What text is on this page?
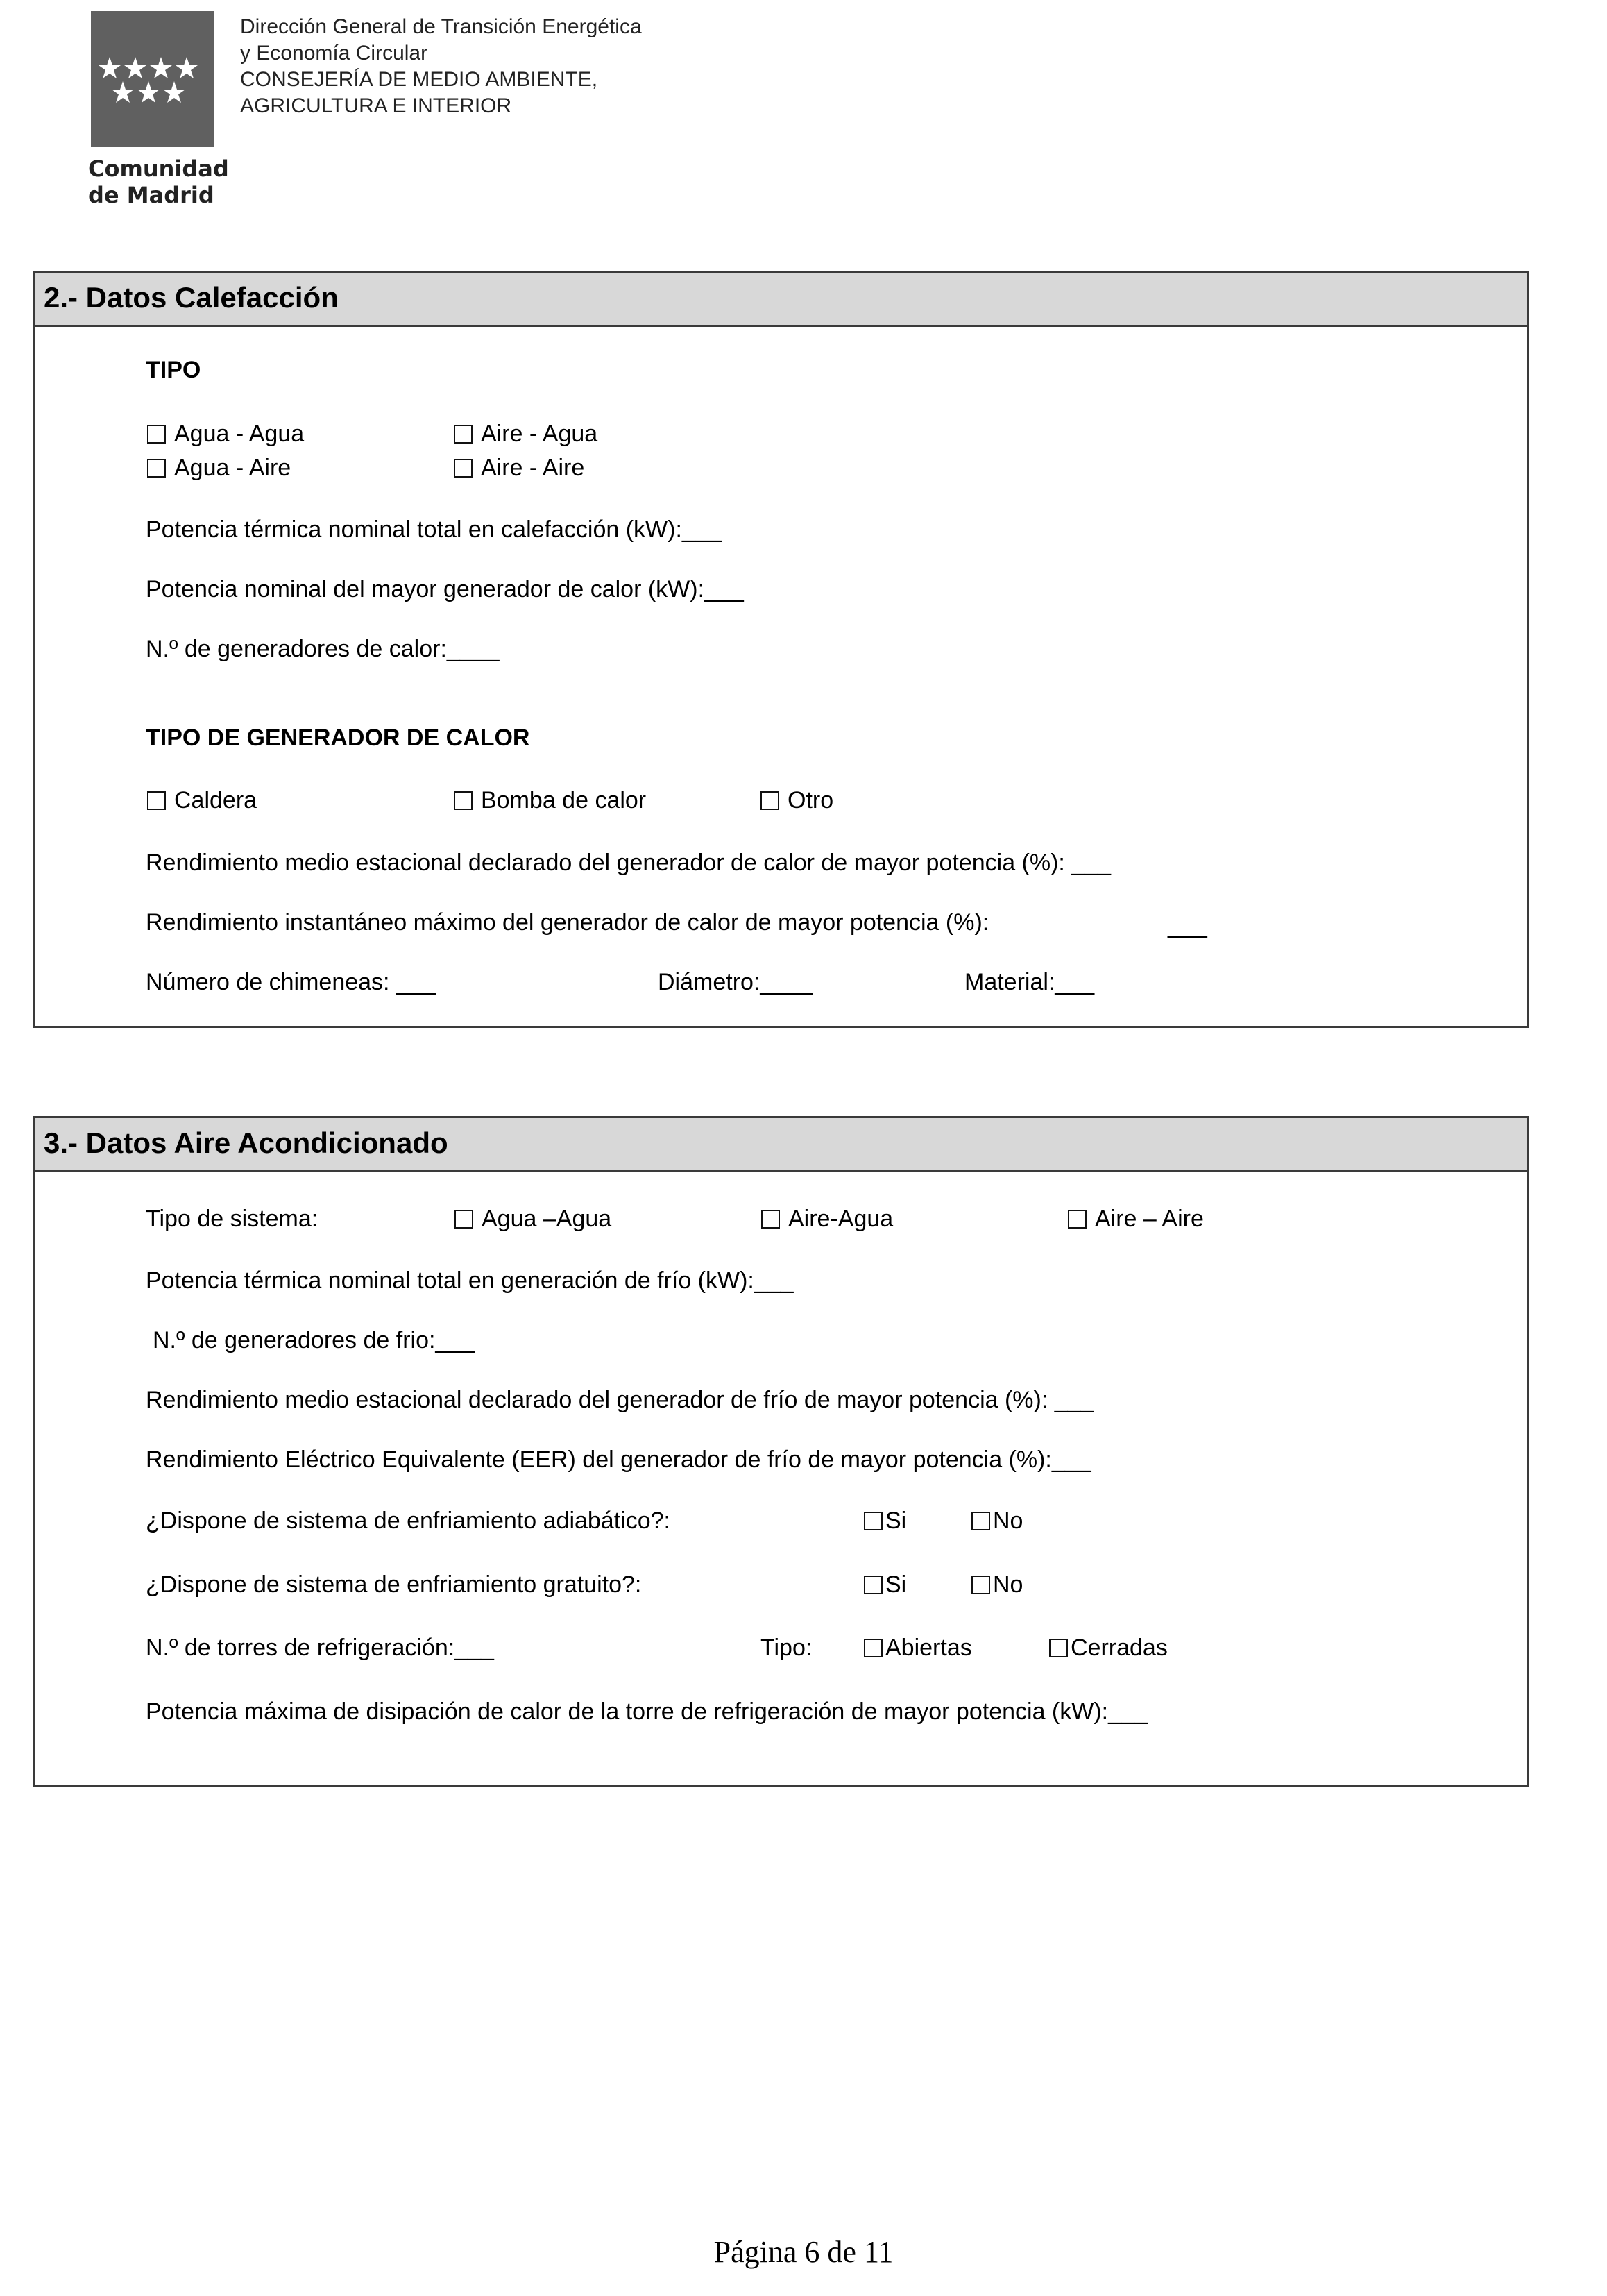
Comunidad
de Madrid
Dirección General de Transición Energética
y Economía Circular
CONSEJERÍA DE MEDIO AMBIENTE,
AGRICULTURA E INTERIOR
2.- Datos Calefacción
TIPO
Agua - Agua	Aire - Agua
Agua - Aire	Aire - Aire
Potencia térmica nominal total en calefacción (kW):___
Potencia nominal del mayor generador de calor (kW):___
N.º de generadores de calor:____
TIPO DE GENERADOR DE CALOR
Caldera	Bomba de calor	Otro
Rendimiento medio estacional declarado del generador de calor de mayor potencia (%): ___
Rendimiento instantáneo máximo del generador de calor de mayor potencia (%):	___
Número de chimeneas: ___	Diámetro:____	Material:___
3.- Datos Aire Acondicionado
Tipo de sistema:	Agua –Agua	Aire-Agua	Aire – Aire
Potencia térmica nominal total en generación de frío (kW):___
N.º de generadores de frio:___
Rendimiento medio estacional declarado del generador de frío de mayor potencia (%): ___
Rendimiento Eléctrico Equivalente (EER) del generador de frío de mayor potencia (%):___
¿Dispone de sistema de enfriamiento adiabático?:	Si	No
¿Dispone de sistema de enfriamiento gratuito?:	Si	No
N.º de torres de refrigeración:___	Tipo:	Abiertas	Cerradas
Potencia máxima de disipación de calor de la torre de refrigeración de mayor potencia (kW):___
Página 6 de 11
